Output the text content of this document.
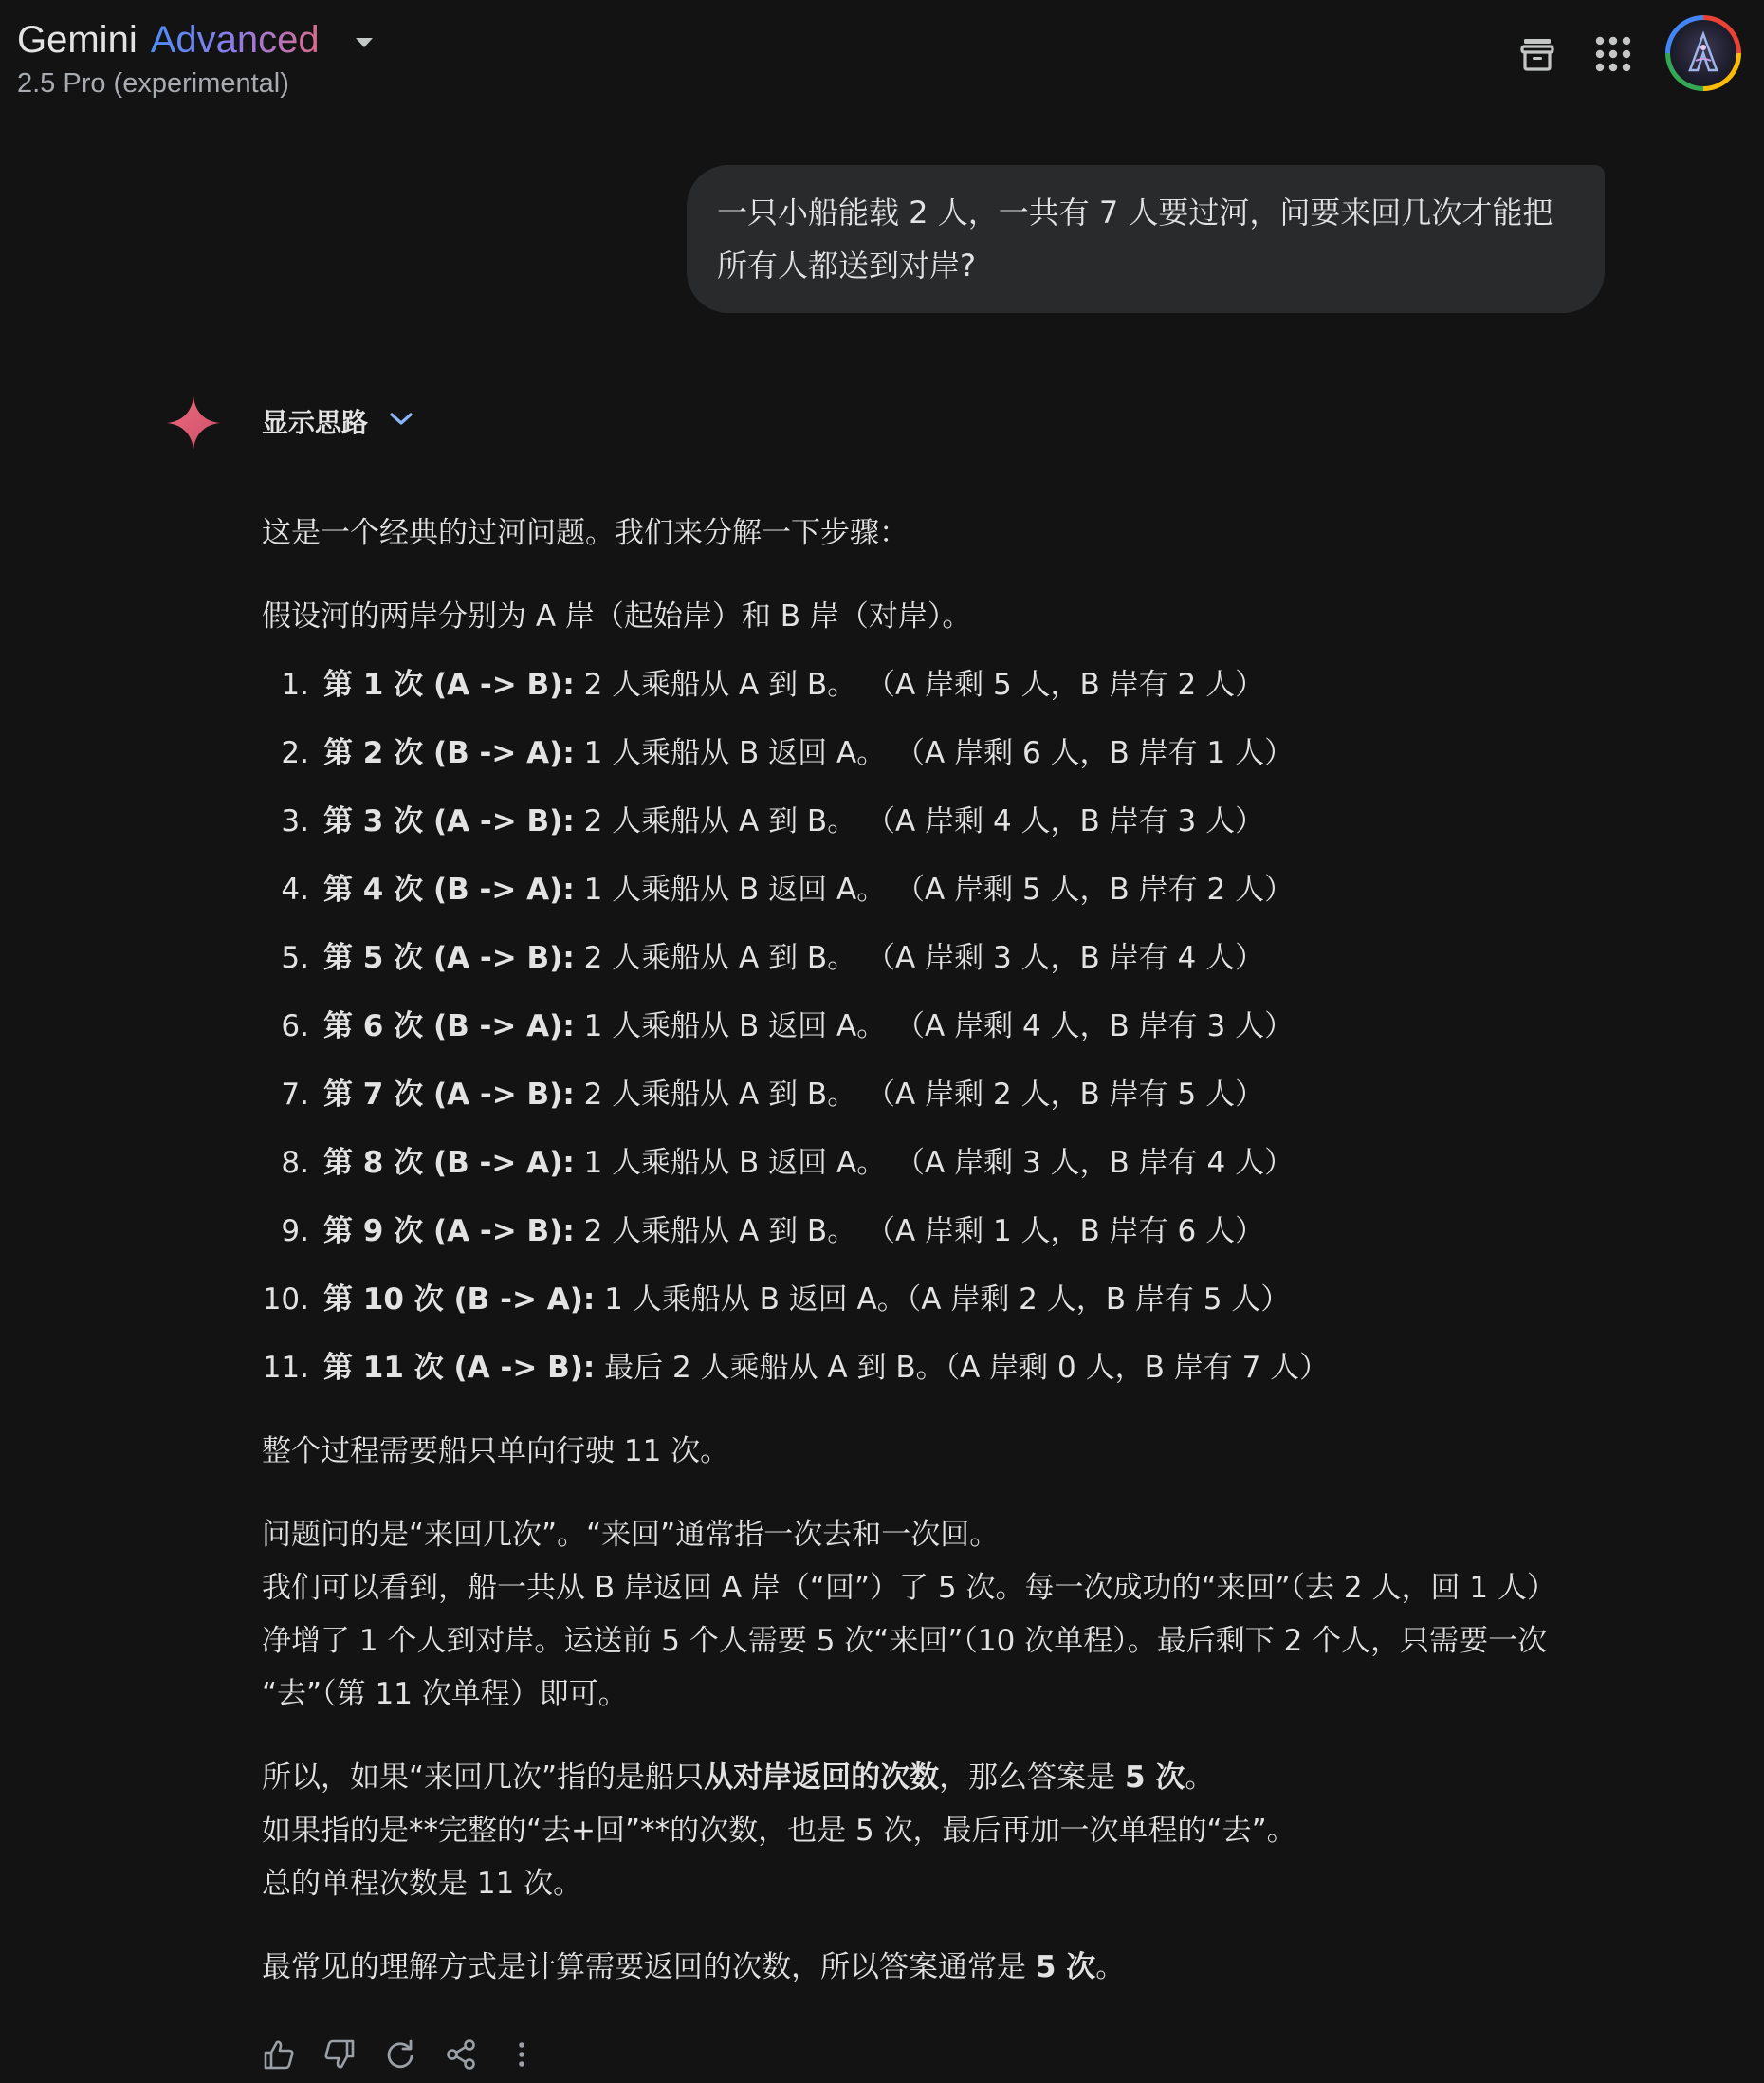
Gemini Advanced
2.5 Pro (experimental)
一只小船能载 2 人，一共有 7 人要过河，问要来回几次才能把所有人都送到对岸?
显示思路

这是一个经典的过河问题。我们来分解一下步骤：

假设河的两岸分别为 A 岸（起始岸）和 B 岸（对岸）。

1. 第 1 次 (A -> B): 2 人乘船从 A 到 B。 （A 岸剩 5 人，B 岸有 2 人）
2. 第 2 次 (B -> A): 1 人乘船从 B 返回 A。 （A 岸剩 6 人，B 岸有 1 人）
3. 第 3 次 (A -> B): 2 人乘船从 A 到 B。 （A 岸剩 4 人，B 岸有 3 人）
4. 第 4 次 (B -> A): 1 人乘船从 B 返回 A。 （A 岸剩 5 人，B 岸有 2 人）
5. 第 5 次 (A -> B): 2 人乘船从 A 到 B。 （A 岸剩 3 人，B 岸有 4 人）
6. 第 6 次 (B -> A): 1 人乘船从 B 返回 A。 （A 岸剩 4 人，B 岸有 3 人）
7. 第 7 次 (A -> B): 2 人乘船从 A 到 B。 （A 岸剩 2 人，B 岸有 5 人）
8. 第 8 次 (B -> A): 1 人乘船从 B 返回 A。 （A 岸剩 3 人，B 岸有 4 人）
9. 第 9 次 (A -> B): 2 人乘船从 A 到 B。 （A 岸剩 1 人，B 岸有 6 人）
10. 第 10 次 (B -> A): 1 人乘船从 B 返回 A。（A 岸剩 2 人，B 岸有 5 人）
11. 第 11 次 (A -> B): 最后 2 人乘船从 A 到 B。（A 岸剩 0 人，B 岸有 7 人）

整个过程需要船只单向行驶 11 次。

问题问的是“来回几次”。“来回”通常指一次去和一次回。

我们可以看到，船一共从 B 岸返回 A 岸（“回”）了 5 次。每一次成功的“来回”（去 2 人，回 1 人）

净增了 1 个人到对岸。运送前 5 个人需要 5 次“来回”（10 次单程）。最后剩下 2 个人，只需要一次

“去”（第 11 次单程）即可。

所以，如果“来回几次”指的是船只从对岸返回的次数，那么答案是 5 次。

如果指的是**完整的“去+回”**的次数，也是 5 次，最后再加一次单程的“去”。

总的单程次数是 11 次。

最常见的理解方式是计算需要返回的次数，所以答案通常是 5 次。
